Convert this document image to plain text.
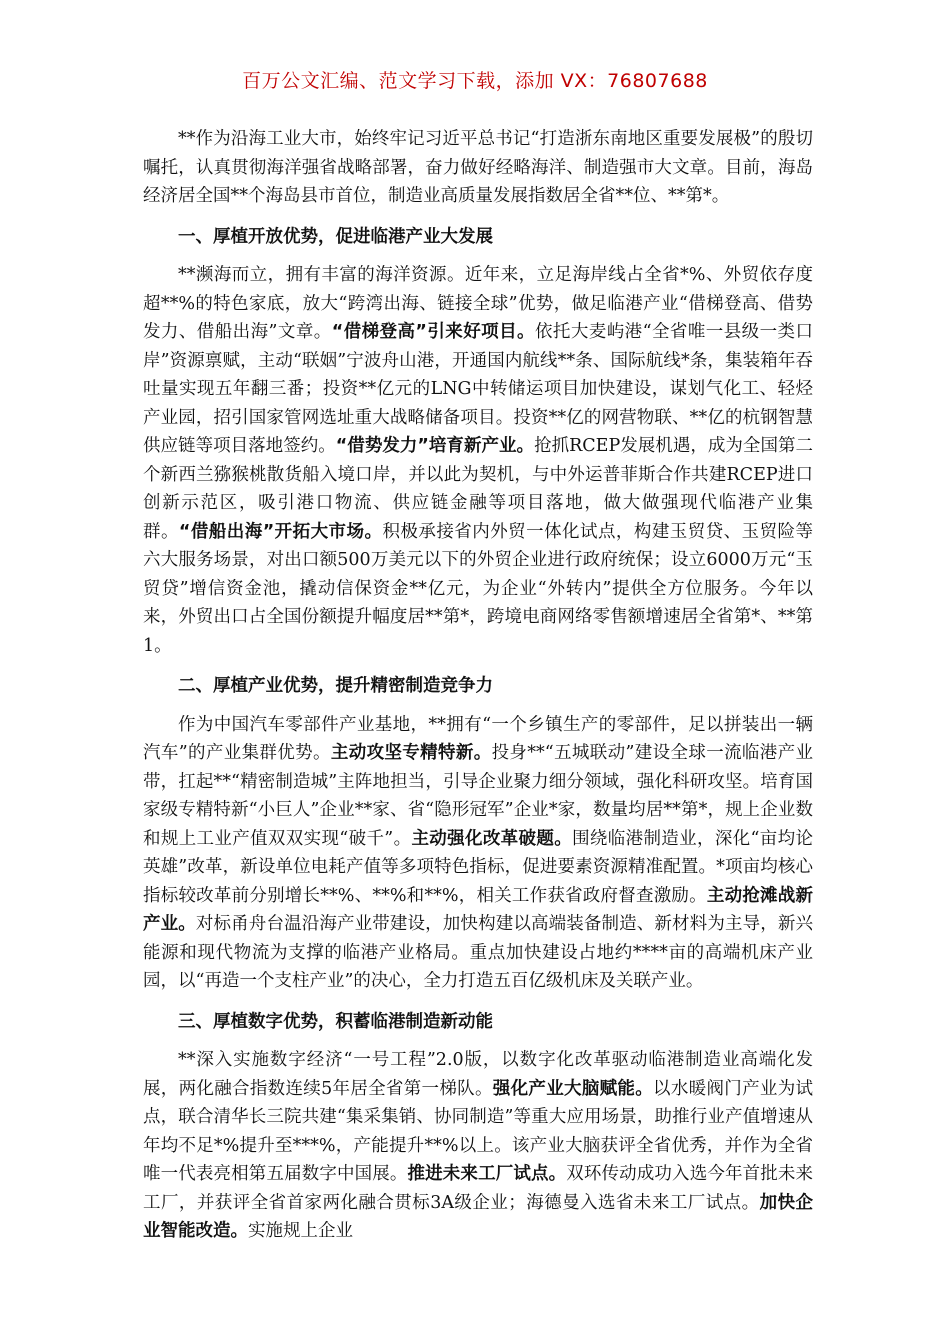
百万公文汇编、范文学习下载，添加 VX：76807688

**作为沿海工业大市，始终牢记习近平总书记“打造浙东南地区重要发展极”的殷切嘱托，认真贯彻海洋强省战略部署，奋力做好经略海洋、制造强市大文章。目前，海岛经济居全国**个海岛县市首位，制造业高质量发展指数居全省**位、**第*。

一、厚植开放优势，促进临港产业大发展

**濒海而立，拥有丰富的海洋资源。近年来，立足海岸线占全省*%、外贸依存度超**%的特色家底，放大“跨湾出海、链接全球”优势，做足临港产业“借梯登高、借势发力、借船出海”文章。“借梯登高”引来好项目。依托大麦屿港“全省唯一县级一类口岸”资源禀赋，主动“联姻”宁波舟山港，开通国内航线**条、国际航线*条，集装箱年吞吐量实现五年翻三番；投资**亿元的LNG中转储运项目加快建设，谋划气化工、轻烃产业园，招引国家管网选址重大战略储备项目。投资**亿的网营物联、**亿的杭钢智慧供应链等项目落地签约。“借势发力”培育新产业。抢抓RCEP发展机遇，成为全国第二个新西兰猕猴桃散货船入境口岸，并以此为契机，与中外运普菲斯合作共建RCEP进口创新示范区，吸引港口物流、供应链金融等项目落地，做大做强现代临港产业集群。“借船出海”开拓大市场。积极承接省内外贸一体化试点，构建玉贸贷、玉贸险等六大服务场景，对出口额500万美元以下的外贸企业进行政府统保；设立6000万元“玉贸贷”增信资金池，撬动信保资金**亿元，为企业“外转内”提供全方位服务。今年以来，外贸出口占全国份额提升幅度居**第*，跨境电商网络零售额增速居全省第*、**第1。

二、厚植产业优势，提升精密制造竞争力

作为中国汽车零部件产业基地，**拥有“一个乡镇生产的零部件，足以拼装出一辆汽车”的产业集群优势。主动攻坚专精特新。投身**“五城联动”建设全球一流临港产业带，扛起**“精密制造城”主阵地担当，引导企业聚力细分领域，强化科研攻坚。培育国家级专精特新“小巨人”企业**家、省“隐形冠军”企业*家，数量均居**第*，规上企业数和规上工业产值双双实现“破千”。主动强化改革破题。围绕临港制造业，深化“亩均论英雄”改革，新设单位电耗产值等多项特色指标，促进要素资源精准配置。*项亩均核心指标较改革前分别增长**%、**%和**%，相关工作获省政府督查激励。主动抢滩战新产业。对标甬舟台温沿海产业带建设，加快构建以高端装备制造、新材料为主导，新兴能源和现代物流为支撑的临港产业格局。重点加快建设占地约****亩的高端机床产业园，以“再造一个支柱产业”的决心，全力打造五百亿级机床及关联产业。

三、厚植数字优势，积蓄临港制造新动能

**深入实施数字经济“一号工程”2.0版，以数字化改革驱动临港制造业高端化发展，两化融合指数连续5年居全省第一梯队。强化产业大脑赋能。以水暖阀门产业为试点，联合清华长三院共建“集采集销、协同制造”等重大应用场景，助推行业产值增速从年均不足*%提升至***%，产能提升**%以上。该产业大脑获评全省优秀，并作为全省唯一代表亮相第五届数字中国展。推进未来工厂试点。双环传动成功入选今年首批未来工厂，并获评全省首家两化融合贯标3A级企业；海德曼入选省未来工厂试点。加快企业智能改造。实施规上企业
